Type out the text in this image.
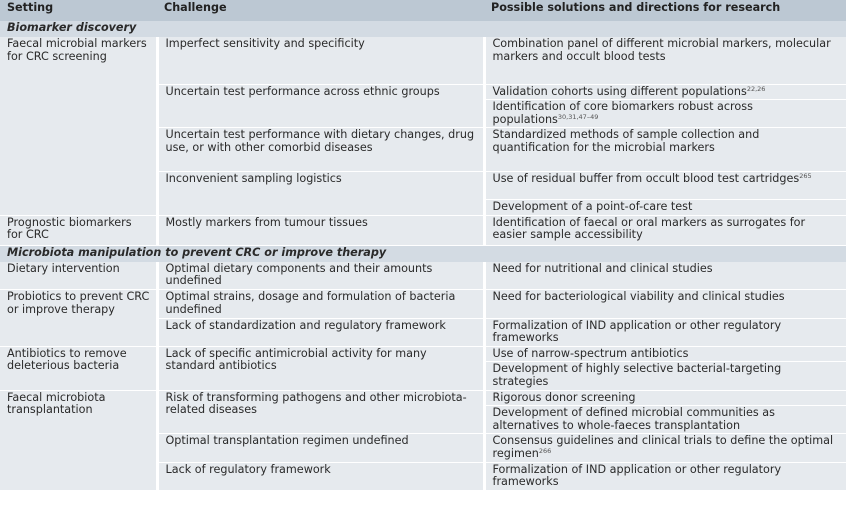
Setting	Challenge	Possible solutions and directions for research
Biomarker discovery		
Faecal microbial markers for CRC screening	Imperfect sensitivity and specificity	Combination panel of different microbial markers, molecular markers and occult blood tests
	Uncertain test performance across ethnic groups	Validation cohorts using different populations$^{22,26}$
		Identification of core biomarkers robust across populations$^{30,31,47-49}$
	Uncertain test performance with dietary changes, drug use, or with other comorbid diseases	Standardized methods of sample collection and quantification for the microbial markers
	Inconvenient sampling logistics	Use of residual buffer from occult blood test cartridges$^{265}$
		Development of a point-of-care test
Prognostic biomarkers for CRC	Mostly markers from tumour tissues	Identification of faecal or oral markers as surrogates for easier sample accessibility
Microbiota manipulation to prevent CRC or improve therapy		
Dietary intervention	Optimal dietary components and their amounts undefined	Need for nutritional and clinical studies
Probiotics to prevent CRC or improve therapy	Optimal strains, dosage and formulation of bacteria undefined	Need for bacteriological viability and clinical studies
	Lack of standardization and regulatory framework	Formalization of IND application or other regulatory frameworks
Antibiotics to remove deleterious bacteria	Lack of specific antimicrobial activity for many standard antibiotics	Use of narrow-spectrum antibiotics
		Development of highly selective bacterial-targeting strategies
Faecal microbiota transplantation	Risk of transforming pathogens and other microbiota-related diseases	Rigorous donor screening
		Development of defined microbial communities as alternatives to whole-faeces transplantation
	Optimal transplantation regimen undefined	Consensus guidelines and clinical trials to define the optimal regimen$^{266}$
	Lack of regulatory framework	Formalization of IND application or other regulatory frameworks
